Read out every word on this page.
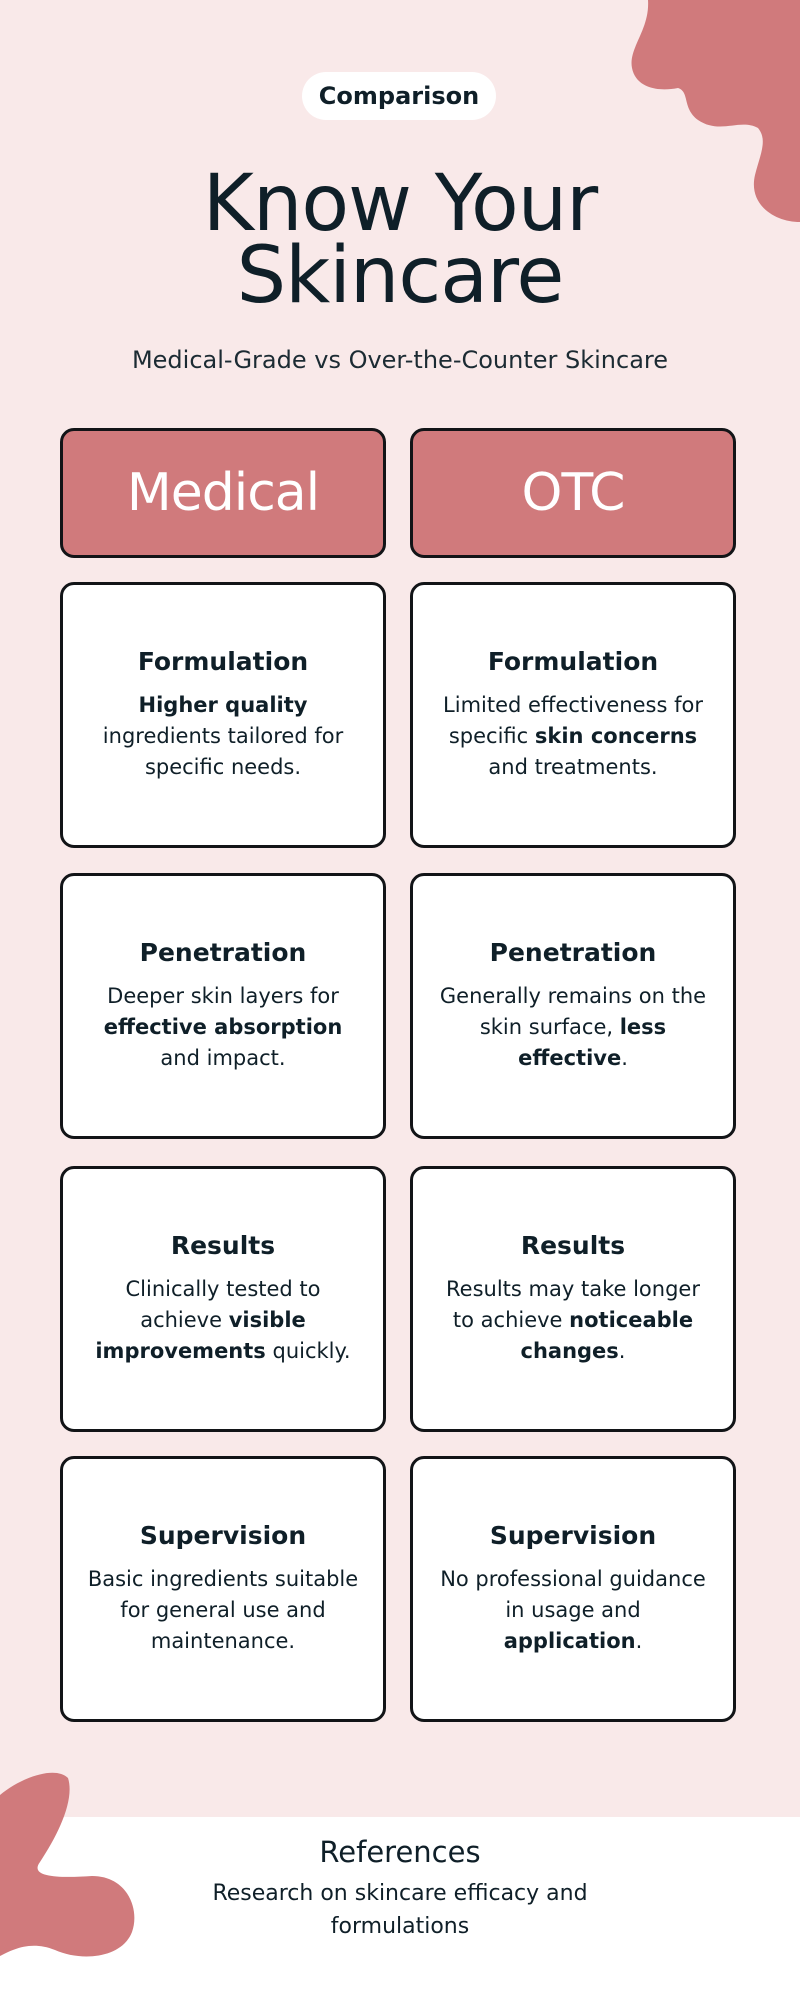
Comparison
Know Your
Skincare
Medical-Grade vs Over-the-Counter Skincare
Medical	OTC
Formulation

Higher quality ingredients tailored for specific needs.

Formulation

Limited effectiveness for specific skin concerns and treatments.

Penetration

Deeper skin layers for effective absorption and impact.

Penetration

Generally remains on the skin surface, less effective.

Results

Clinically tested to achieve visible improvements quickly.

Results

Results may take longer to achieve noticeable changes.

Supervision

Basic ingredients suitable for general use and maintenance.

Supervision

No professional guidance in usage and application.

References
Research on skincare efficacy and formulations
